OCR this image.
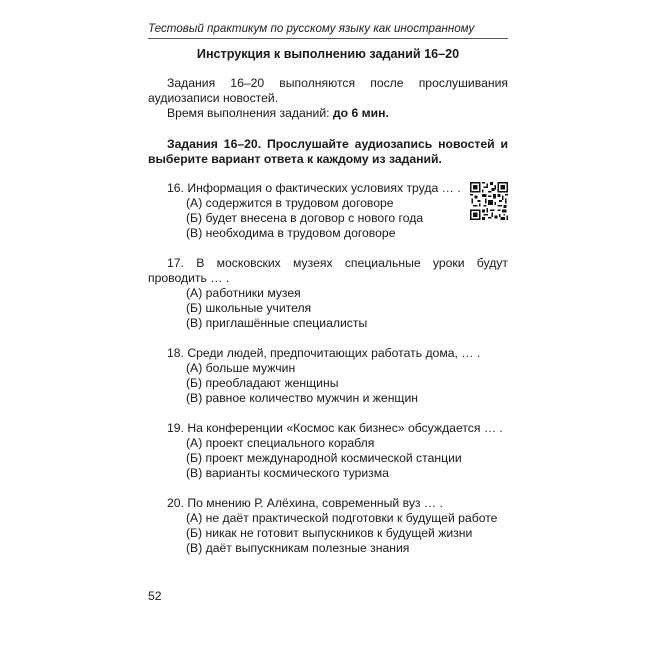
Тестовый практикум по русскому языку как иностранному
Инструкция к выполнению заданий 16–20

Задания 16–20 выполняются после прослушивания аудиозаписи новостей.

Время выполнения заданий: до 6 мин.

Задания 16–20. Прослушайте аудиозапись новостей и выберите вариант ответа к каждому из заданий.

16. Информация о фактических условиях труда … .

(А) содержится в трудовом договоре

(Б) будет внесена в договор с нового года

(В) необходима в трудовом договоре

17. В московских музеях специальные уроки будут проводить … .

(А) работники музея

(Б) школьные учителя

(В) приглашённые специалисты

18. Среди людей, предпочитающих работать дома, … .

(А) больше мужчин

(Б) преобладают женщины

(В) равное количество мужчин и женщин

19. На конференции «Космос как бизнес» обсуждается … .

(А) проект специального корабля

(Б) проект международной космической станции

(В) варианты космического туризма

20. По мнению Р. Алёхина, современный вуз … .

(А) не даёт практической подготовки к будущей работе

(Б) никак не готовит выпускников к будущей жизни

(В) даёт выпускникам полезные знания

52
